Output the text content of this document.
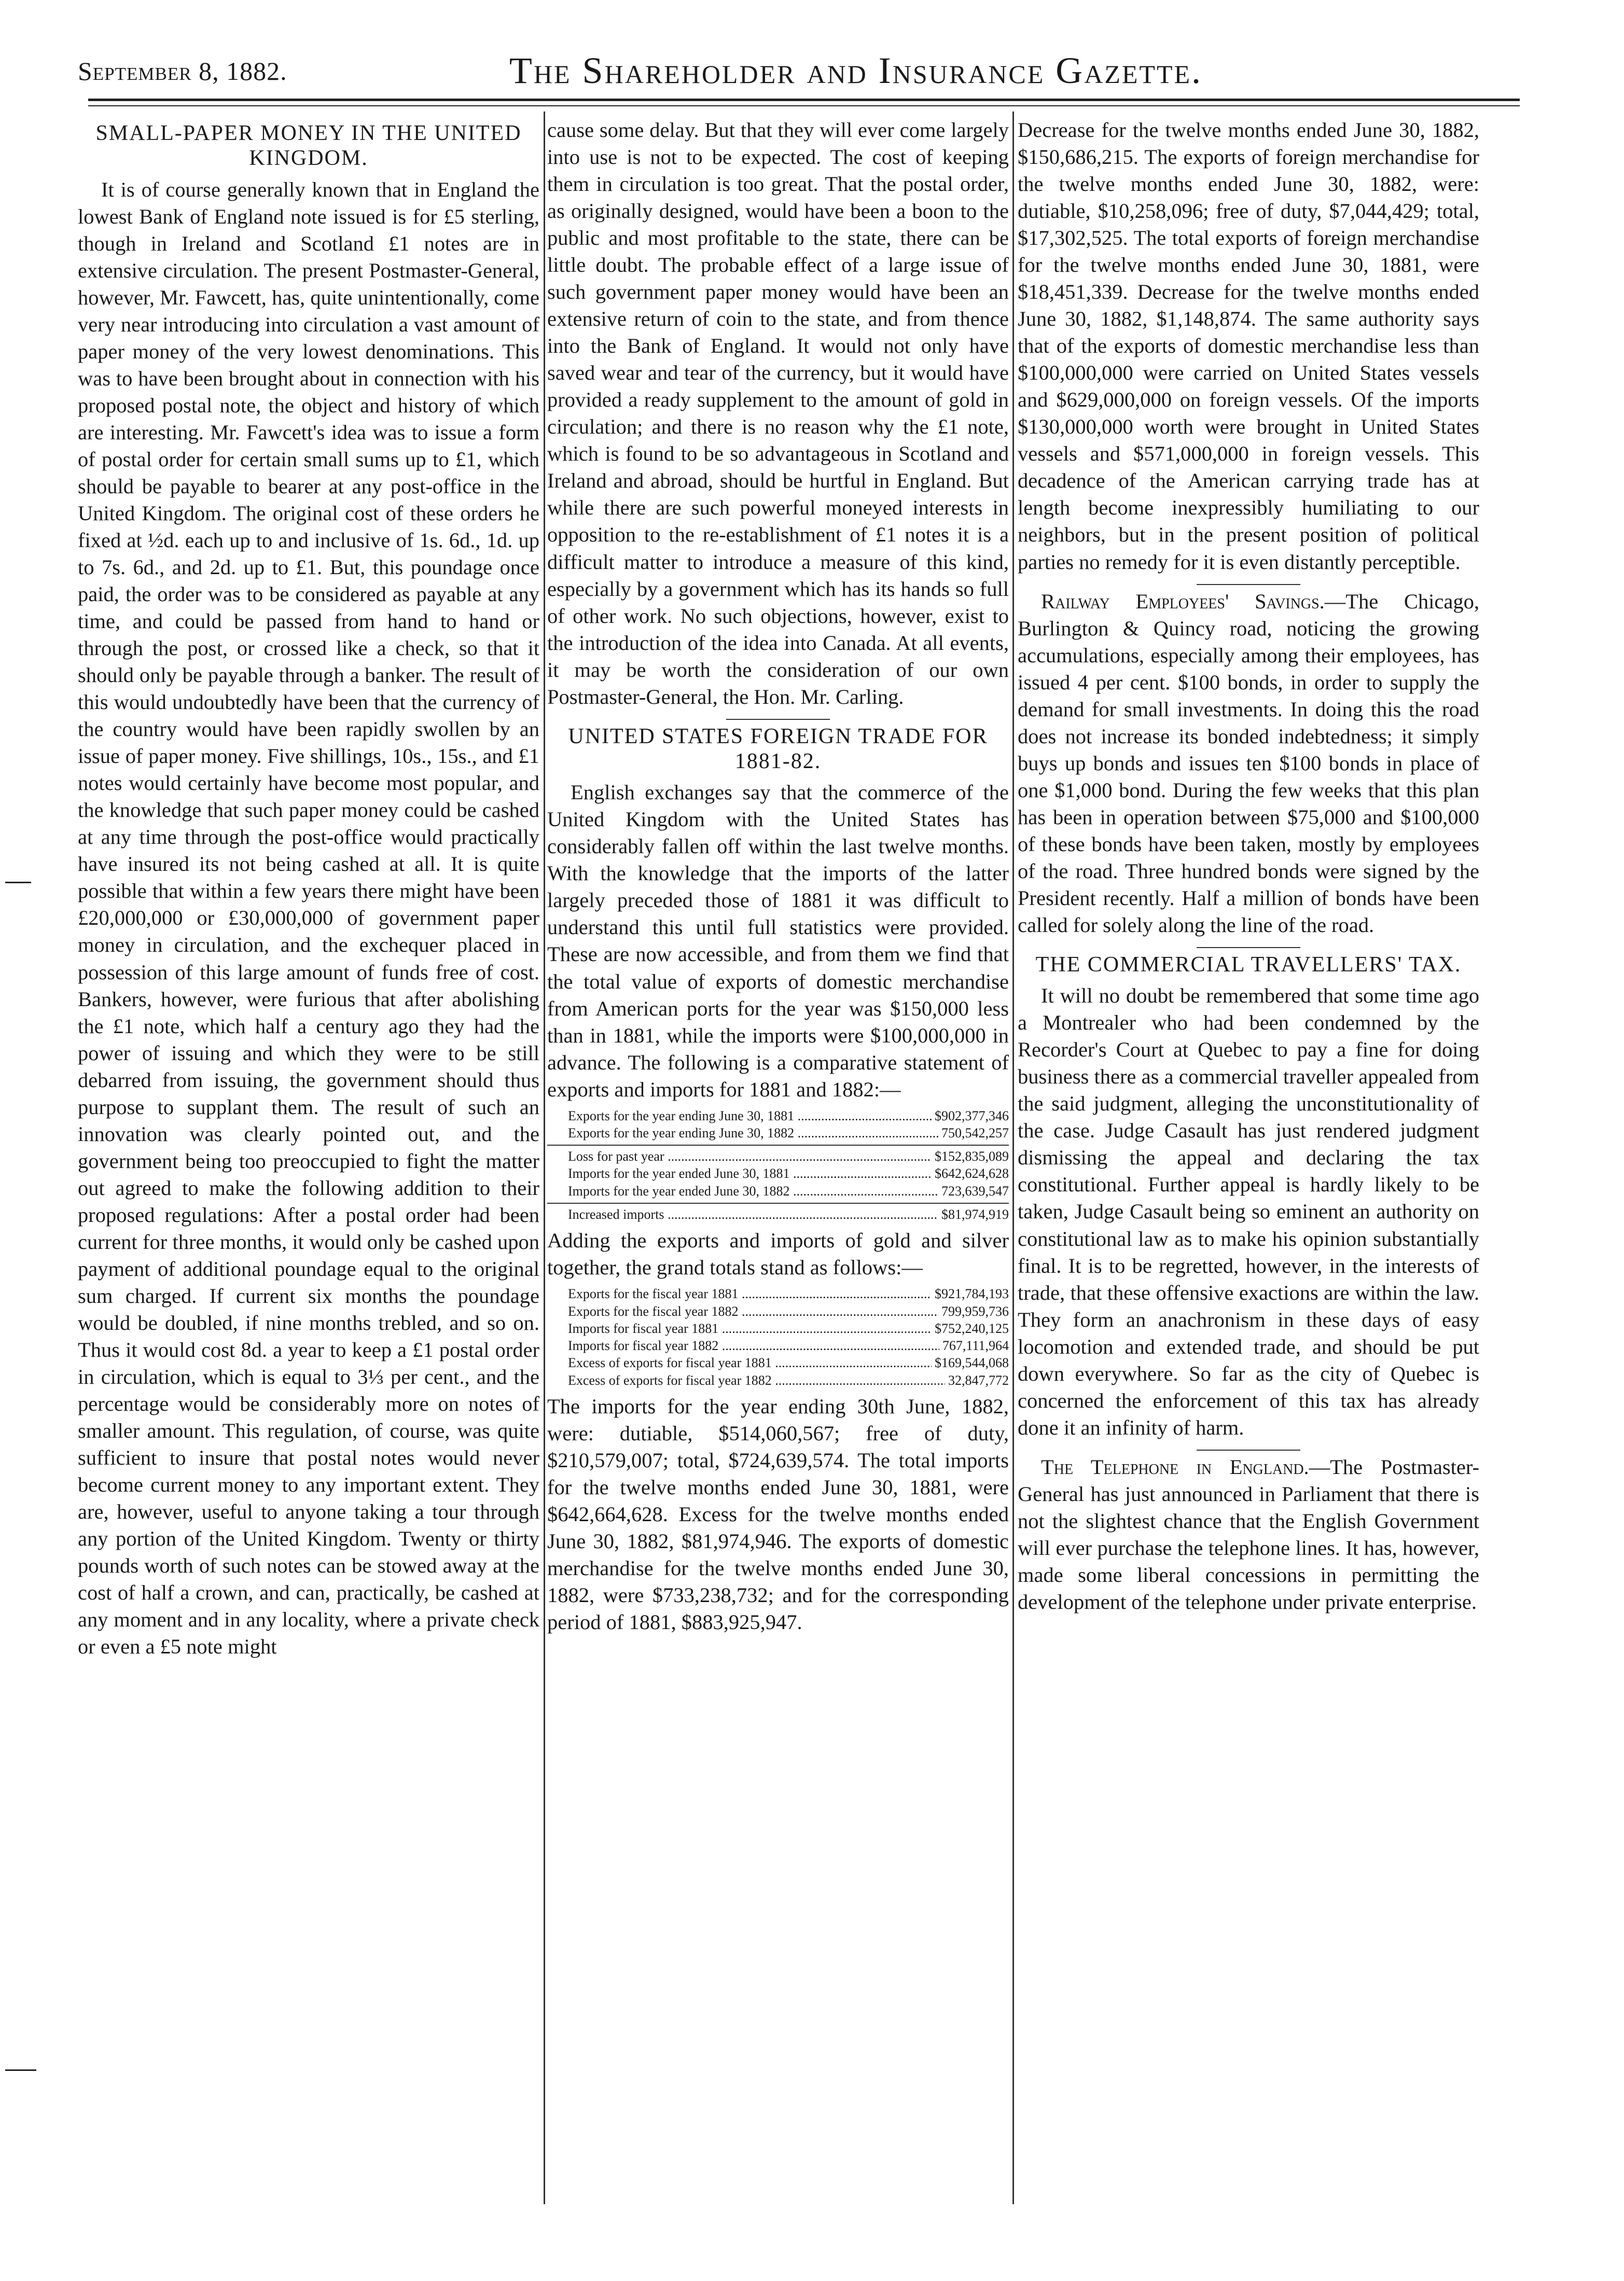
September 8, 1882.	The Shareholder and Insurance Gazette.
SMALL-PAPER MONEY IN THE UNITED KINGDOM.

It is of course generally known that in England the lowest Bank of England note issued is for £5 sterling, though in Ireland and Scotland £1 notes are in extensive circulation. The present Postmaster-General, however, Mr. Fawcett, has, quite unintentionally, come very near introducing into circulation a vast amount of paper money of the very lowest denominations. This was to have been brought about in connection with his proposed postal note, the object and history of which are interesting. Mr. Fawcett's idea was to issue a form of postal order for certain small sums up to £1, which should be payable to bearer at any post-office in the United Kingdom. The original cost of these orders he fixed at ½d. each up to and inclusive of 1s. 6d., 1d. up to 7s. 6d., and 2d. up to £1. But, this poundage once paid, the order was to be considered as payable at any time, and could be passed from hand to hand or through the post, or crossed like a check, so that it should only be payable through a banker. The result of this would undoubtedly have been that the currency of the country would have been rapidly swollen by an issue of paper money. Five shillings, 10s., 15s., and £1 notes would certainly have become most popular, and the knowledge that such paper money could be cashed at any time through the post-office would practically have insured its not being cashed at all. It is quite possible that within a few years there might have been £20,000,000 or £30,000,000 of government paper money in circulation, and the exchequer placed in possession of this large amount of funds free of cost. Bankers, however, were furious that after abolishing the £1 note, which half a century ago they had the power of issuing and which they were to be still debarred from issuing, the government should thus purpose to supplant them. The result of such an innovation was clearly pointed out, and the government being too preoccupied to fight the matter out agreed to make the following addition to their proposed regulations: After a postal order had been current for three months, it would only be cashed upon payment of additional poundage equal to the original sum charged. If current six months the poundage would be doubled, if nine months trebled, and so on. Thus it would cost 8d. a year to keep a £1 postal order in circulation, which is equal to 3⅓ per cent., and the percentage would be considerably more on notes of smaller amount. This regulation, of course, was quite sufficient to insure that postal notes would never become current money to any important extent. They are, however, useful to anyone taking a tour through any portion of the United Kingdom. Twenty or thirty pounds worth of such notes can be stowed away at the cost of half a crown, and can, practically, be cashed at any moment and in any locality, where a private check or even a £5 note might

cause some delay. But that they will ever come largely into use is not to be expected. The cost of keeping them in circulation is too great. That the postal order, as originally designed, would have been a boon to the public and most profitable to the state, there can be little doubt. The probable effect of a large issue of such government paper money would have been an extensive return of coin to the state, and from thence into the Bank of England. It would not only have saved wear and tear of the currency, but it would have provided a ready supplement to the amount of gold in circulation; and there is no reason why the £1 note, which is found to be so advantageous in Scotland and Ireland and abroad, should be hurtful in England. But while there are such powerful moneyed interests in opposition to the re-establishment of £1 notes it is a difficult matter to introduce a measure of this kind, especially by a government which has its hands so full of other work. No such objections, however, exist to the introduction of the idea into Canada. At all events, it may be worth the consideration of our own Postmaster-General, the Hon. Mr. Carling.

UNITED STATES FOREIGN TRADE FOR 1881-82.

English exchanges say that the commerce of the United Kingdom with the United States has considerably fallen off within the last twelve months. With the knowledge that the imports of the latter largely preceded those of 1881 it was difficult to understand this until full statistics were provided. These are now accessible, and from them we find that the total value of exports of domestic merchandise from American ports for the year was $150,000 less than in 1881, while the imports were $100,000,000 in advance. The following is a comparative statement of exports and imports for 1881 and 1882:—

Exports for the year ending June 30, 1881 .....	$902,377,346
Exports for the year ending June 30, 1882 .....	750,542,257
Loss for past year .....	$152,835,089
Imports for the year ended June 30, 1881 .....	$642,624,628
Imports for the year ended June 30, 1882 .....	723,639,547
Increased imports .....	$81,974,919

Adding the exports and imports of gold and silver together, the grand totals stand as follows:—

Exports for the fiscal year 1881 .....	$921,784,193
Exports for the fiscal year 1882 .....	799,959,736
Imports for fiscal year 1881 .....	$752,240,125
Imports for fiscal year 1882 .....	767,111,964
Excess of exports for fiscal year 1881 .....	$169,544,068
Excess of exports for fiscal year 1882 .....	32,847,772

The imports for the year ending 30th June, 1882, were: dutiable, $514,060,567; free of duty, $210,579,007; total, $724,639,574. The total imports for the twelve months ended June 30, 1881, were $642,664,628. Excess for the twelve months ended June 30, 1882, $81,974,946. The exports of domestic merchandise for the twelve months ended June 30, 1882, were $733,238,732; and for the corresponding period of 1881, $883,925,947.

Decrease for the twelve months ended June 30, 1882, $150,686,215. The exports of foreign merchandise for the twelve months ended June 30, 1882, were: dutiable, $10,258,096; free of duty, $7,044,429; total, $17,302,525. The total exports of foreign merchandise for the twelve months ended June 30, 1881, were $18,451,339. Decrease for the twelve months ended June 30, 1882, $1,148,874. The same authority says that of the exports of domestic merchandise less than $100,000,000 were carried on United States vessels and $629,000,000 on foreign vessels. Of the imports $130,000,000 worth were brought in United States vessels and $571,000,000 in foreign vessels. This decadence of the American carrying trade has at length become inexpressibly humiliating to our neighbors, but in the present position of political parties no remedy for it is even distantly perceptible.

Railway Employees' Savings.—The Chicago, Burlington & Quincy road, noticing the growing accumulations, especially among their employees, has issued 4 per cent. $100 bonds, in order to supply the demand for small investments. In doing this the road does not increase its bonded indebtedness; it simply buys up bonds and issues ten $100 bonds in place of one $1,000 bond. During the few weeks that this plan has been in operation between $75,000 and $100,000 of these bonds have been taken, mostly by employees of the road. Three hundred bonds were signed by the President recently. Half a million of bonds have been called for solely along the line of the road.

THE COMMERCIAL TRAVELLERS' TAX.

It will no doubt be remembered that some time ago a Montrealer who had been condemned by the Recorder's Court at Quebec to pay a fine for doing business there as a commercial traveller appealed from the said judgment, alleging the unconstitutionality of the case. Judge Casault has just rendered judgment dismissing the appeal and declaring the tax constitutional. Further appeal is hardly likely to be taken, Judge Casault being so eminent an authority on constitutional law as to make his opinion substantially final. It is to be regretted, however, in the interests of trade, that these offensive exactions are within the law. They form an anachronism in these days of easy locomotion and extended trade, and should be put down everywhere. So far as the city of Quebec is concerned the enforcement of this tax has already done it an infinity of harm.

The Telephone in England.—The Postmaster-General has just announced in Parliament that there is not the slightest chance that the English Government will ever purchase the telephone lines. It has, however, made some liberal concessions in permitting the development of the telephone under private enterprise.
